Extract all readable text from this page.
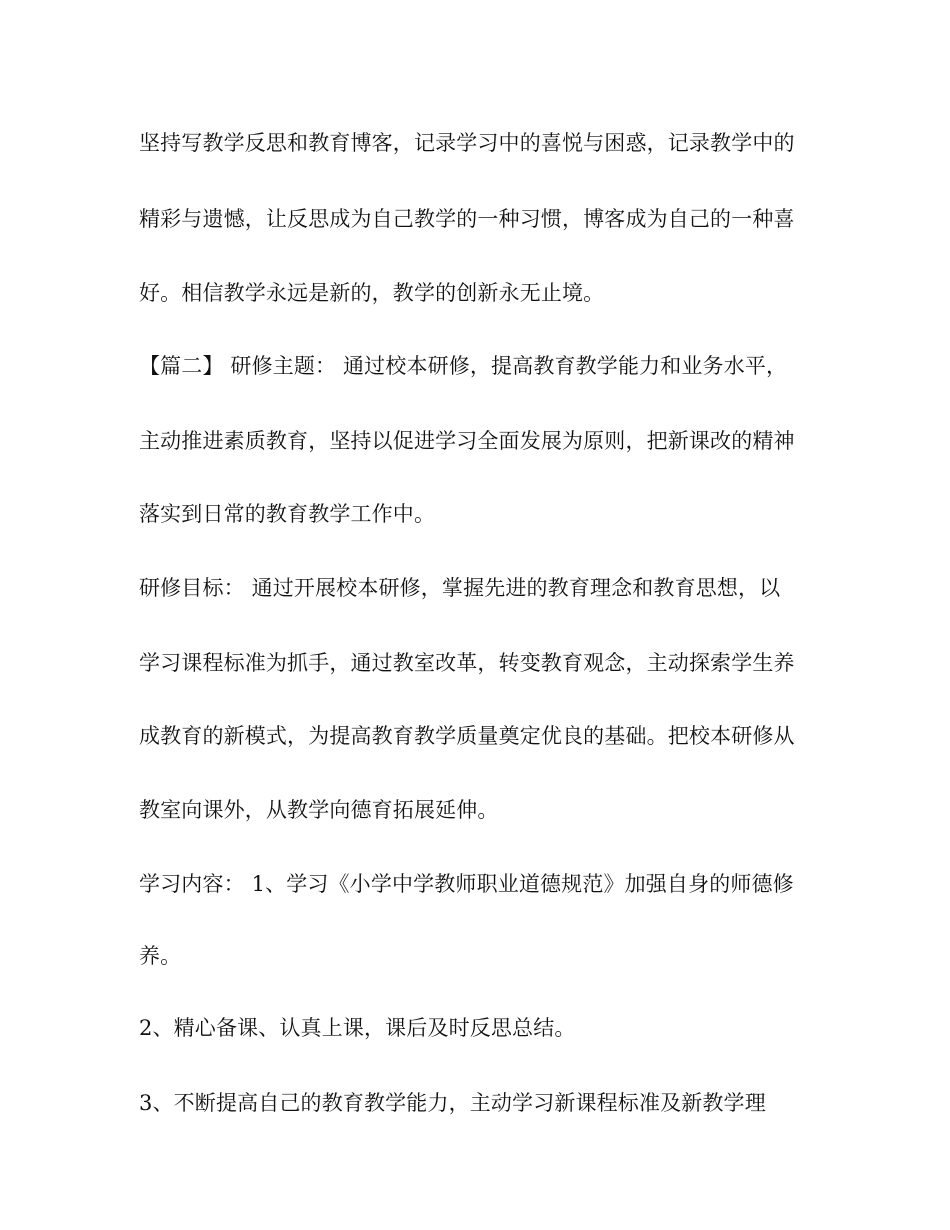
坚持写教学反思和教育博客，记录学习中的喜悦与困惑，记录教学中的
精彩与遗憾，让反思成为自己教学的一种习惯，博客成为自己的一种喜
好。相信教学永远是新的，教学的创新永无止境。
【篇二】 研修主题： 通过校本研修，提高教育教学能力和业务水平，
主动推进素质教育，坚持以促进学习全面发展为原则，把新课改的精神
落实到日常的教育教学工作中。
研修目标： 通过开展校本研修，掌握先进的教育理念和教育思想，以
学习课程标准为抓手，通过教室改革，转变教育观念，主动探索学生养
成教育的新模式，为提高教育教学质量奠定优良的基础。把校本研修从
教室向课外，从教学向德育拓展延伸。
学习内容： 1、学习《小学中学教师职业道德规范》加强自身的师德修
养。
2、精心备课、认真上课，课后及时反思总结。
3、不断提高自己的教育教学能力，主动学习新课程标准及新教学理
